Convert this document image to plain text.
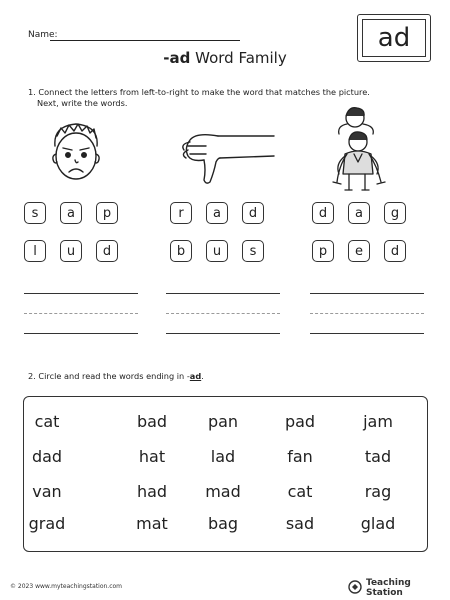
Name:
-ad Word Family
ad
1. Connect the letters from left-to-right to make the word that matches the picture.
Next, write the words.
s	a	p
l	u	d
r	a	d
b	u	s
d	a	g
p	e	d
2. Circle and read the words ending in -ad.
cat	bad	pan	pad	jam
dad	hat	lad	fan	tad
van	had	mad	cat	rag
grad	mat	bag	sad	glad
© 2023 www.myteachingstation.com	Teaching Station
